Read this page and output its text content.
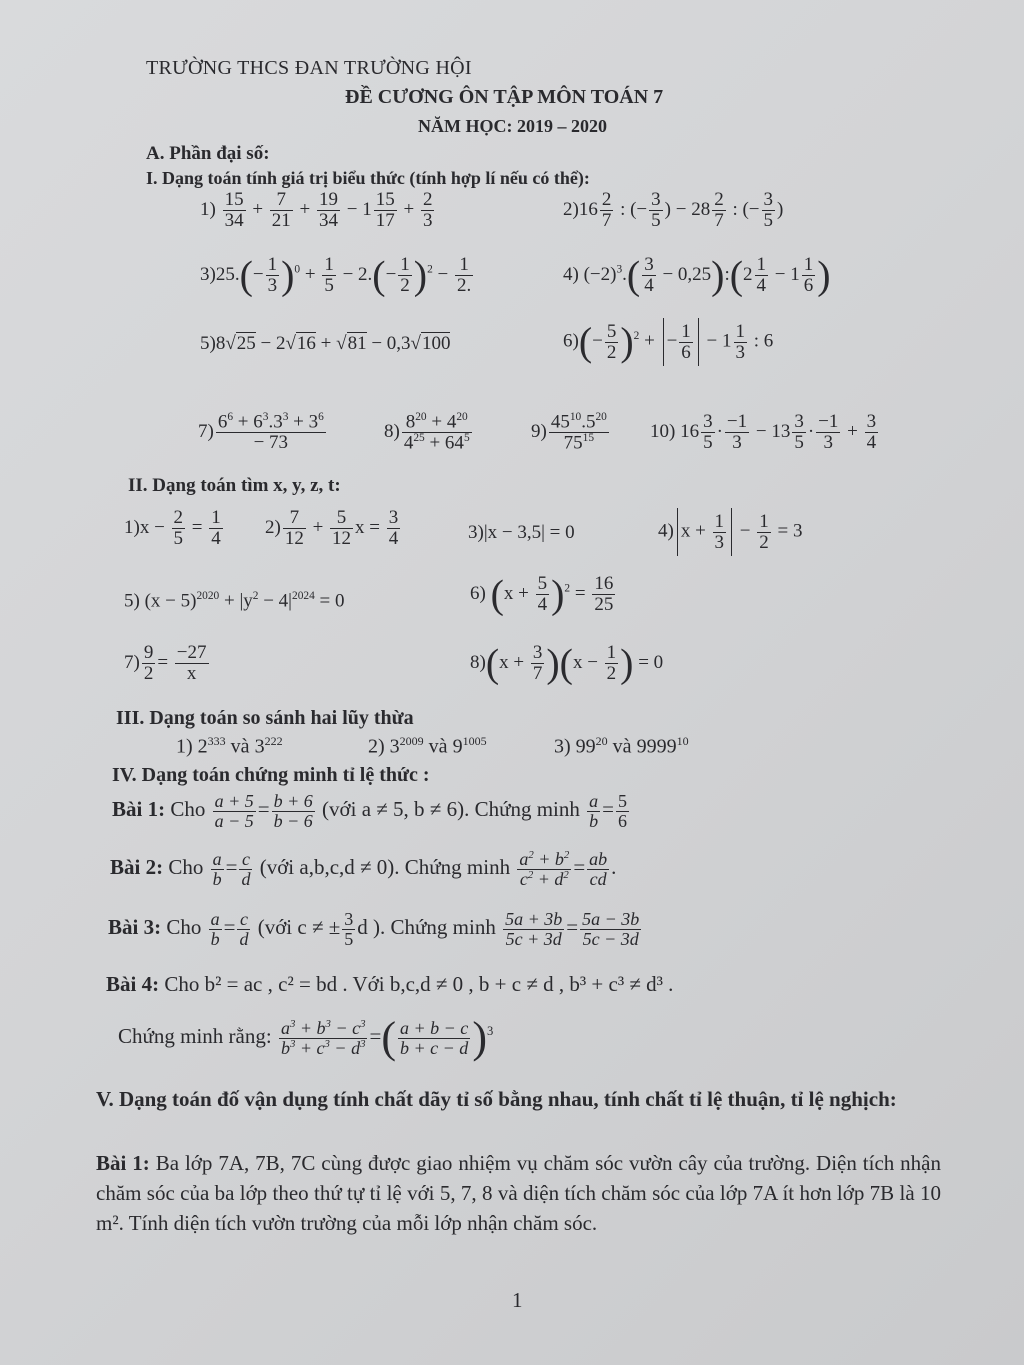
TRƯỜNG THCS ĐAN TRƯỜNG HỘI
ĐỀ CƯƠNG ÔN TẬP MÔN TOÁN 7
NĂM HỌC: 2019 – 2020
A. Phần đại số:
I. Dạng toán tính giá trị biểu thức (tính hợp lí nếu có thể):
$1) \frac{15}{34} + \frac{7}{21} + \frac{19}{34} - 1 \frac{15}{17} + \frac{2}{3}$	$2)16 \frac{2}{7}$ : (− $\frac{3}{5}$ ) − $28 \frac{2}{7}$ : (− $\frac{3}{5}$ )
$3)25.(- \frac{1}{3} )^0 + \frac{1}{5} - 2.(- \frac{1}{2} )^2 - \frac{1}{2.}$	4) $(-2)^3.( \frac{3}{4}$ − 0,25):(2 $\frac{1}{4} - 1 \frac{1}{6}$ )
5)8√25 − 2√16 + √81 − 0,3√100	$6)(- \frac{5}{2} )^2$ + − $\frac{1}{6} - 1 \frac{1}{3}$ : 6
$7) \frac{6^6 + 6^3.3^3 + 3^6}{- 73}$	$8) \frac{8^{20} + 4^{20}}{4^{25} + 64^5}$	$9) \frac{45^{10}.5^{20}}{75^{15}} 10$) $16 \frac{3}{5} \cdot \frac{-1}{3} - 13 \frac{3}{5} \cdot \frac{-1}{3} + \frac{3}{4}$
II. Dạng toán tìm x, y, z, t:
$1)x - \frac{2}{5} = \frac{1}{4} 2) \frac{7}{12} + \frac{5}{12}$ $x = \frac{3}{4}$	3)|x − 3,5| = 0	4) $x + \frac{1}{3} - \frac{1}{2} = 3$
5) $(x - 5)^{2020} + |y^2 - 4|^{2024} = 0$	6) $(x + \frac{5}{4} )^2 = \frac{16}{25}$
$7) \frac{9}{2} = \frac{-27}{x}$	$8)(x + \frac{3}{7} )(x - \frac{1}{2}$ ) = 0
III. Dạng toán so sánh hai lũy thừa
1) $2^{333}$ và $3^{222}$	2) $3^{2009}$ và $9^{1005}$	3) $99^{20}$ và 9999$^{10}$
IV. Dạng toán chứng minh tỉ lệ thức :
Bài 1: Cho $\frac{a + 5}{a - 5} = \frac{b + 6}{b - 6}$ (với a ≠ 5, b ≠ 6). Chứng minh $\frac{a}{b} = \frac{5}{6}$
Bài 2: Cho $\frac{a}{b} = \frac{c}{d}$ (với a,b,c,d ≠ 0). Chứng minh $\frac{a^2 + b^2}{c^2 + d^2} = \frac{ab}{cd}$ .
Bài 3: Cho $\frac{a}{b} = \frac{c}{d}$ (với c ≠ ± $\frac{3}{5}$ d ). Chứng minh $\frac{5a + 3b}{5c + 3d} = \frac{5a - 3b}{5c - 3d}$
Bài 4: Cho b² = ac , c² = bd . Với b,c,d ≠ 0 , b + c ≠ d , b³ + c³ ≠ d³ .
Chứng minh rằng: $\frac{a^3 + b^3 - c^3}{b^3 + c^3 - d^3}$ =( $\frac{a + b - c}{b + c - d} )^3$
V. Dạng toán đố vận dụng tính chất dãy tỉ số bằng nhau, tính chất tỉ lệ thuận, tỉ lệ nghịch:
Bài 1: Ba lớp 7A, 7B, 7C cùng được giao nhiệm vụ chăm sóc vườn cây của trường. Diện tích nhận chăm sóc của ba lớp theo thứ tự tỉ lệ với 5, 7, 8 và diện tích chăm sóc của lớp 7A ít hơn lớp 7B là 10 m². Tính diện tích vườn trường của mỗi lớp nhận chăm sóc.
1
